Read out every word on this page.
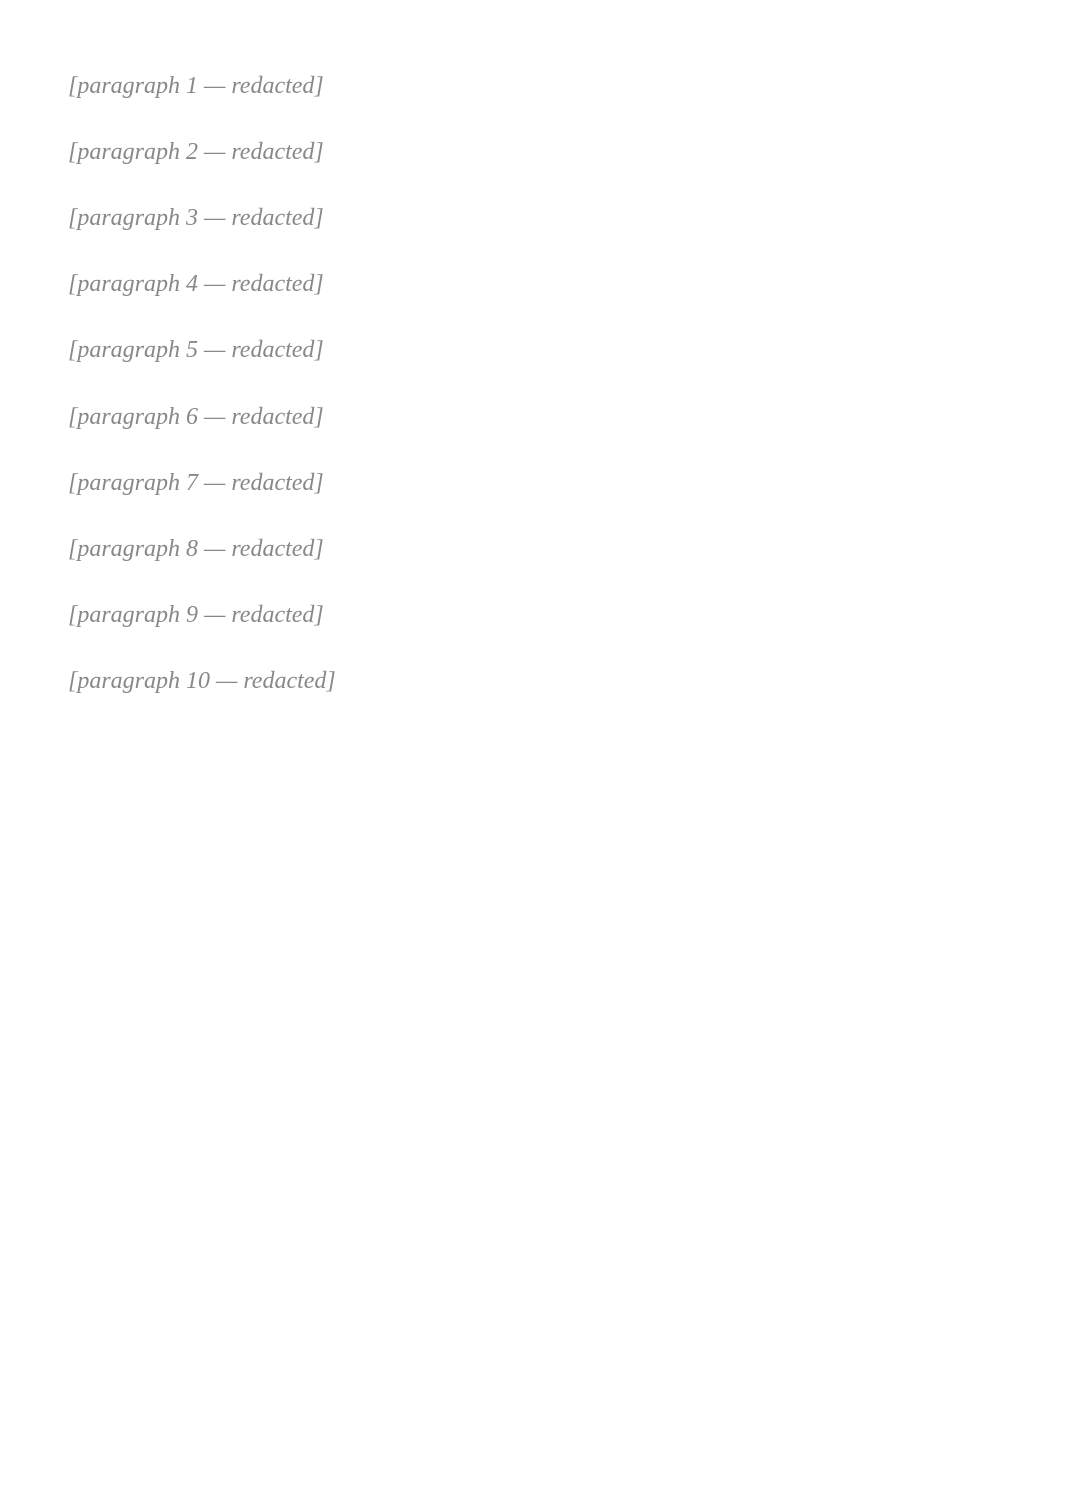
[paragraph 1 — redacted]

[paragraph 2 — redacted]

[paragraph 3 — redacted]

[paragraph 4 — redacted]

[paragraph 5 — redacted]

[paragraph 6 — redacted]

[paragraph 7 — redacted]

[paragraph 8 — redacted]

[paragraph 9 — redacted]

[paragraph 10 — redacted]
